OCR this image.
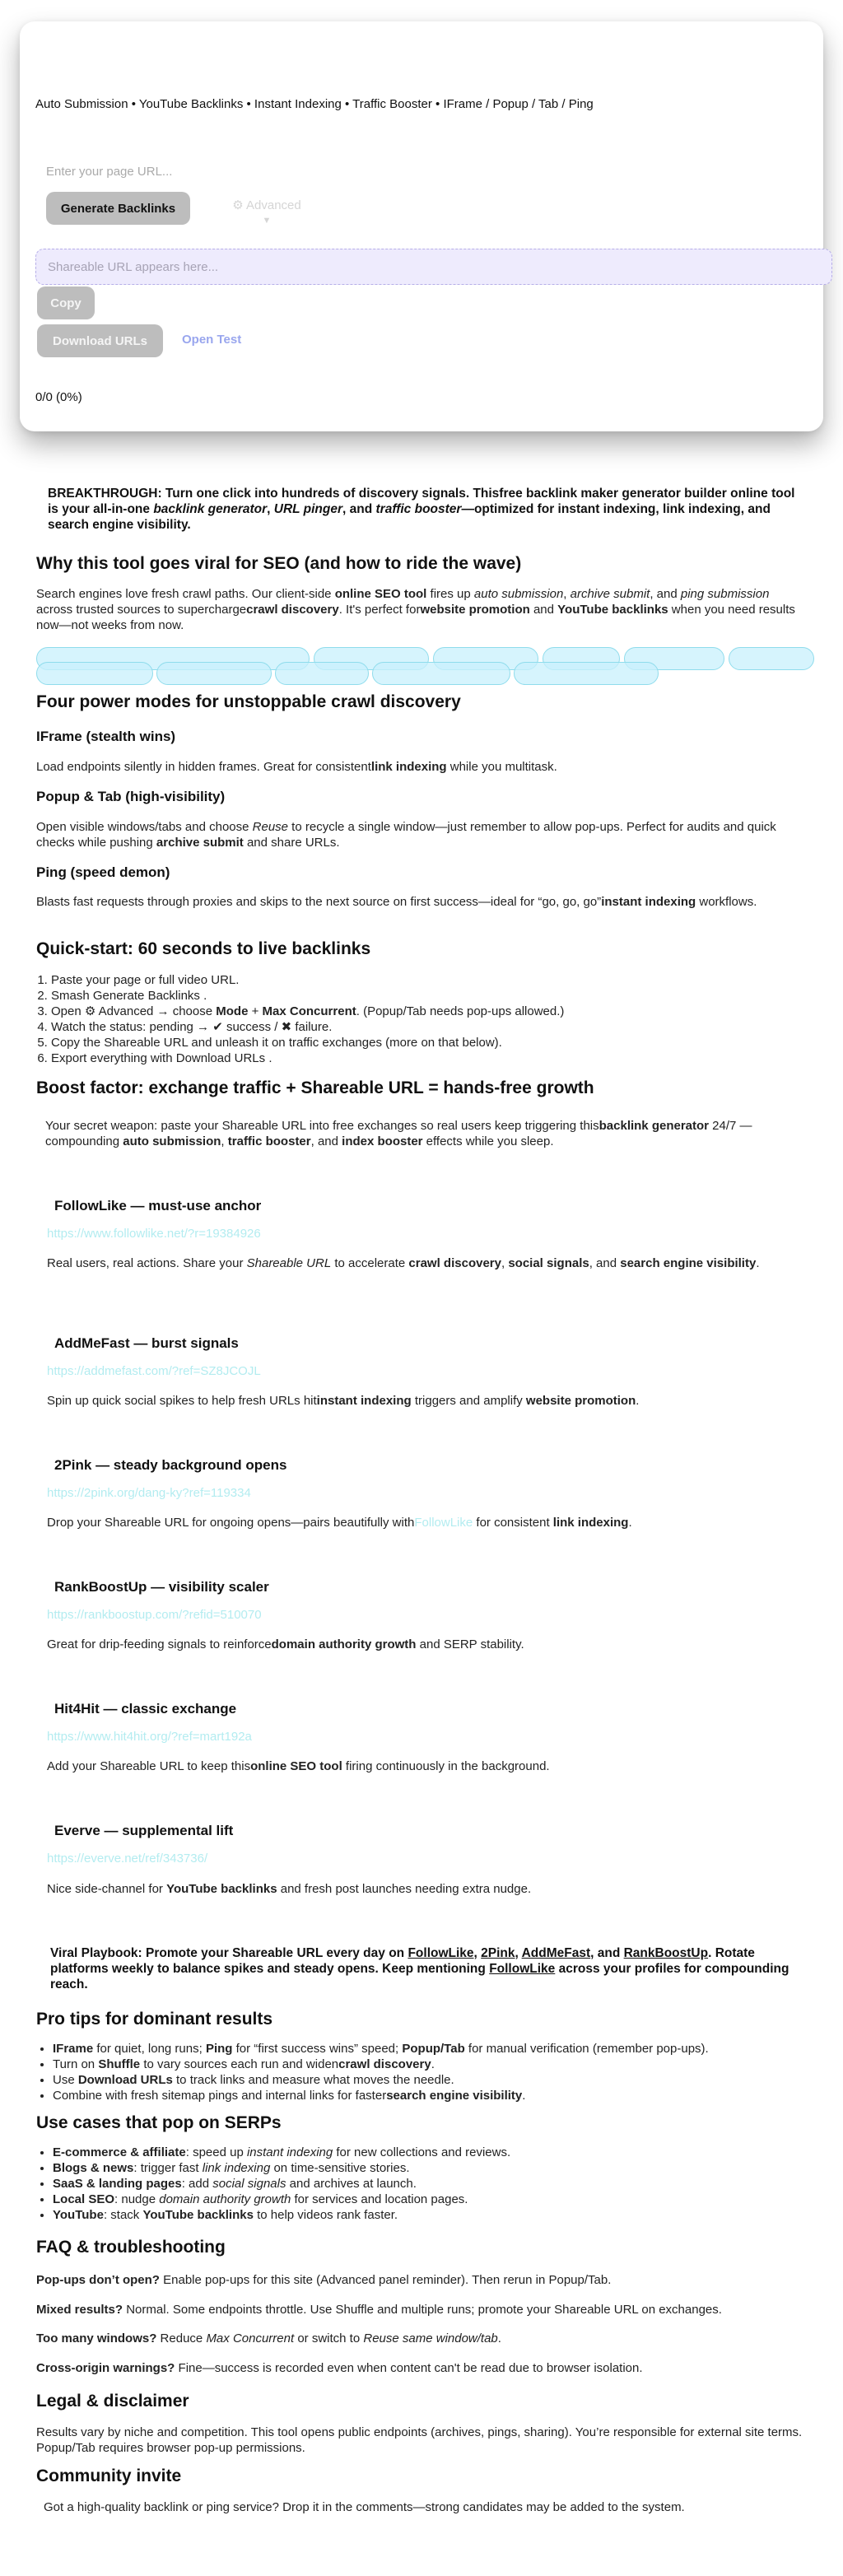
Auto Submission • YouTube Backlinks • Instant Indexing • Traffic Booster • IFrame / Popup / Tab / Ping
Enter your page URL...
Generate Backlinks	⚙ Advanced
▼
Shareable URL appears here...
Copy
Download URLs	Open Test
0/0 (0%)

BREAKTHROUGH: Turn one click into hundreds of discovery signals. Thisfree backlink maker generator builder online tool is your all-in-one backlink generator, URL pinger, and traffic booster—optimized for instant indexing, link indexing, and search engine visibility.

Why this tool goes viral for SEO (and how to ride the wave)

Search engines love fresh crawl paths. Our client-side online SEO tool fires up auto submission, archive submit, and ping submission across trusted sources to superchargecrawl discovery. It's perfect forwebsite promotion and YouTube backlinks when you need results now—not weeks from now.

Four power modes for unstoppable crawl discovery
IFrame (stealth wins)

Load endpoints silently in hidden frames. Great for consistentlink indexing while you multitask.

Popup & Tab (high-visibility)

Open visible windows/tabs and choose Reuse to recycle a single window—just remember to allow pop-ups. Perfect for audits and quick checks while pushing archive submit and share URLs.

Ping (speed demon)

Blasts fast requests through proxies and skips to the next source on first success—ideal for “go, go, go”instant indexing workflows.

Quick-start: 60 seconds to live backlinks
1. Paste your page or full video URL.
2. Smash Generate Backlinks .
3. Open ⚙ Advanced → choose Mode + Max Concurrent. (Popup/Tab needs pop-ups allowed.)
4. Watch the status: pending → ✔ success / ✖ failure.
5. Copy the Shareable URL and unleash it on traffic exchanges (more on that below).
6. Export everything with Download URLs .
Boost factor: exchange traffic + Shareable URL = hands-free growth

Your secret weapon: paste your Shareable URL into free exchanges so real users keep triggering thisbacklink generator 24/7 —compounding auto submission, traffic booster, and index booster effects while you sleep.

FollowLike — must-use anchor
https://www.followlike.net/?r=19384926

Real users, real actions. Share your Shareable URL to accelerate crawl discovery, social signals, and search engine visibility.

AddMeFast — burst signals
https://addmefast.com/?ref=SZ8JCOJL

Spin up quick social spikes to help fresh URLs hitinstant indexing triggers and amplify website promotion.

2Pink — steady background opens
https://2pink.org/dang-ky?ref=119334

Drop your Shareable URL for ongoing opens—pairs beautifully withFollowLike for consistent link indexing.

RankBoostUp — visibility scaler
https://rankboostup.com/?refid=510070

Great for drip-feeding signals to reinforcedomain authority growth and SERP stability.

Hit4Hit — classic exchange
https://www.hit4hit.org/?ref=mart192a

Add your Shareable URL to keep thisonline SEO tool firing continuously in the background.

Everve — supplemental lift
https://everve.net/ref/343736/

Nice side-channel for YouTube backlinks and fresh post launches needing extra nudge.

Viral Playbook: Promote your Shareable URL every day on FollowLike, 2Pink, AddMeFast, and RankBoostUp. Rotate platforms weekly to balance spikes and steady opens. Keep mentioning FollowLike across your profiles for compounding reach.

Pro tips for dominant results
• IFrame for quiet, long runs; Ping for “first success wins” speed; Popup/Tab for manual verification (remember pop-ups).
• Turn on Shuffle to vary sources each run and widencrawl discovery.
• Use Download URLs to track links and measure what moves the needle.
• Combine with fresh sitemap pings and internal links for fastersearch engine visibility.
Use cases that pop on SERPs
• E-commerce & affiliate: speed up instant indexing for new collections and reviews.
• Blogs & news: trigger fast link indexing on time-sensitive stories.
• SaaS & landing pages: add social signals and archives at launch.
• Local SEO: nudge domain authority growth for services and location pages.
• YouTube: stack YouTube backlinks to help videos rank faster.
FAQ & troubleshooting

Pop-ups don’t open? Enable pop-ups for this site (Advanced panel reminder). Then rerun in Popup/Tab.

Mixed results? Normal. Some endpoints throttle. Use Shuffle and multiple runs; promote your Shareable URL on exchanges.

Too many windows? Reduce Max Concurrent or switch to Reuse same window/tab.

Cross-origin warnings? Fine—success is recorded even when content can't be read due to browser isolation.

Legal & disclaimer

Results vary by niche and competition. This tool opens public endpoints (archives, pings, sharing). You’re responsible for external site terms. Popup/Tab requires browser pop-up permissions.

Community invite

Got a high-quality backlink or ping service? Drop it in the comments—strong candidates may be added to the system.
